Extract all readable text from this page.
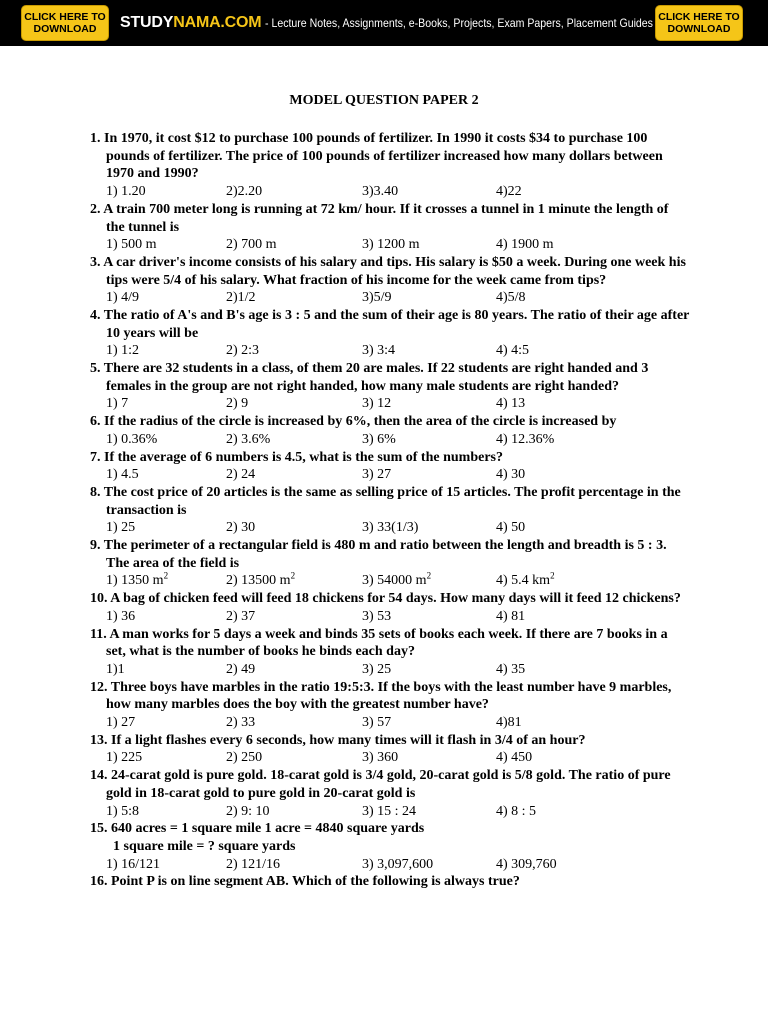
CLICK HERE TO
DOWNLOAD	STUDYNAMA.COM - Lecture Notes, Assignments, e-Books, Projects, Exam Papers, Placement Guides CLICK HERE TO
DOWNLOAD
MODEL QUESTION PAPER 2
1. In 1970, it cost $12 to purchase 100 pounds of fertilizer. In 1990 it costs $34 to purchase 100 pounds of fertilizer. The price of 100 pounds of fertilizer increased how many dollars between 1970 and 1990?
1) 1.20	2)2.20	3)3.40	4)22
2. A train 700 meter long is running at 72 km/ hour. If it crosses a tunnel in 1 minute the length of the tunnel is
1) 500 m	2) 700 m	3) 1200 m	4) 1900 m
3. A car driver's income consists of his salary and tips. His salary is $50 a week. During one week his tips were 5/4 of his salary. What fraction of his income for the week came from tips?
1) 4/9	2)1/2	3)5/9	4)5/8
4. The ratio of A's and B's age is 3 : 5 and the sum of their age is 80 years. The ratio of their age after 10 years will be
1) 1:2	2) 2:3	3) 3:4	4) 4:5
5. There are 32 students in a class, of them 20 are males. If 22 students are right handed and 3 females in the group are not right handed, how many male students are right handed?
1) 7	2) 9	3) 12	4) 13
6. If the radius of the circle is increased by 6%, then the area of the circle is increased by
1) 0.36%	2) 3.6%	3) 6%	4) 12.36%
7. If the average of 6 numbers is 4.5, what is the sum of the numbers?
1) 4.5	2) 24	3) 27	4) 30
8. The cost price of 20 articles is the same as selling price of 15 articles. The profit percentage in the transaction is
1) 25	2) 30	3) 33(1/3)	4) 50
9. The perimeter of a rectangular field is 480 m and ratio between the length and breadth is 5 : 3. The area of the field is
1) 1350 $m^2$	2) 13500 $m^2$	3) 54000 $m^2$	4) 5.4 $km^2$
10. A bag of chicken feed will feed 18 chickens for 54 days. How many days will it feed 12 chickens?
1) 36	2) 37	3) 53	4) 81
11. A man works for 5 days a week and binds 35 sets of books each week. If there are 7 books in a set, what is the number of books he binds each day?
1)1	2) 49	3) 25	4) 35
12. Three boys have marbles in the ratio 19:5:3. If the boys with the least number have 9 marbles, how many marbles does the boy with the greatest number have?
1) 27	2) 33	3) 57	4)81
13. If a light flashes every 6 seconds, how many times will it flash in 3/4 of an hour?
1) 225	2) 250	3) 360	4) 450
14. 24-carat gold is pure gold. 18-carat gold is 3/4 gold, 20-carat gold is 5/8 gold. The ratio of pure gold in 18-carat gold to pure gold in 20-carat gold is
1) 5:8	2) 9: 10	3) 15 : 24	4) 8 : 5
15. 640 acres = 1 square mile 1 acre = 4840 square yards
1 square mile = ? square yards
1) 16/121	2) 121/16	3) 3,097,600	4) 309,760
16. Point P is on line segment AB. Which of the following is always true?
